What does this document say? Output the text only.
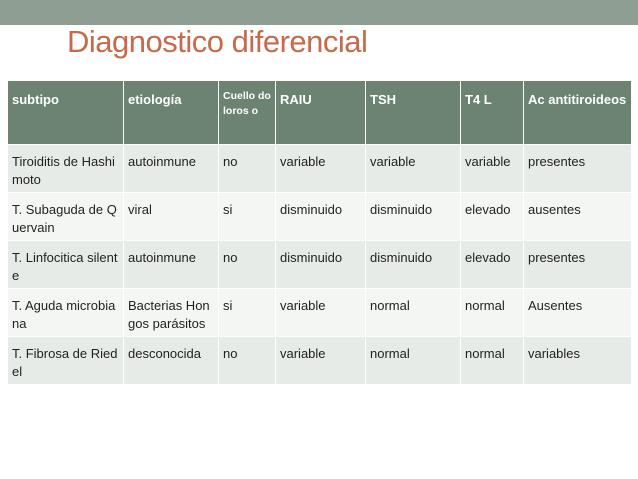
Diagnostico diferencial
subtipo	etiología	Cuello doloros o	RAIU	TSH	T4 L	Ac antitiroideos
Tiroiditis de Hashimoto	autoinmune	no	variable	variable	variable	presentes
T. Subaguda de Quervain	viral	si	disminuido	disminuido	elevado	ausentes
T. Linfocitica silente	autoinmune	no	disminuido	disminuido	elevado	presentes
T. Aguda microbiana	Bacterias Hongos parásitos	si	variable	normal	normal	Ausentes
T. Fibrosa de Riedel	desconocida	no	variable	normal	normal	variables
